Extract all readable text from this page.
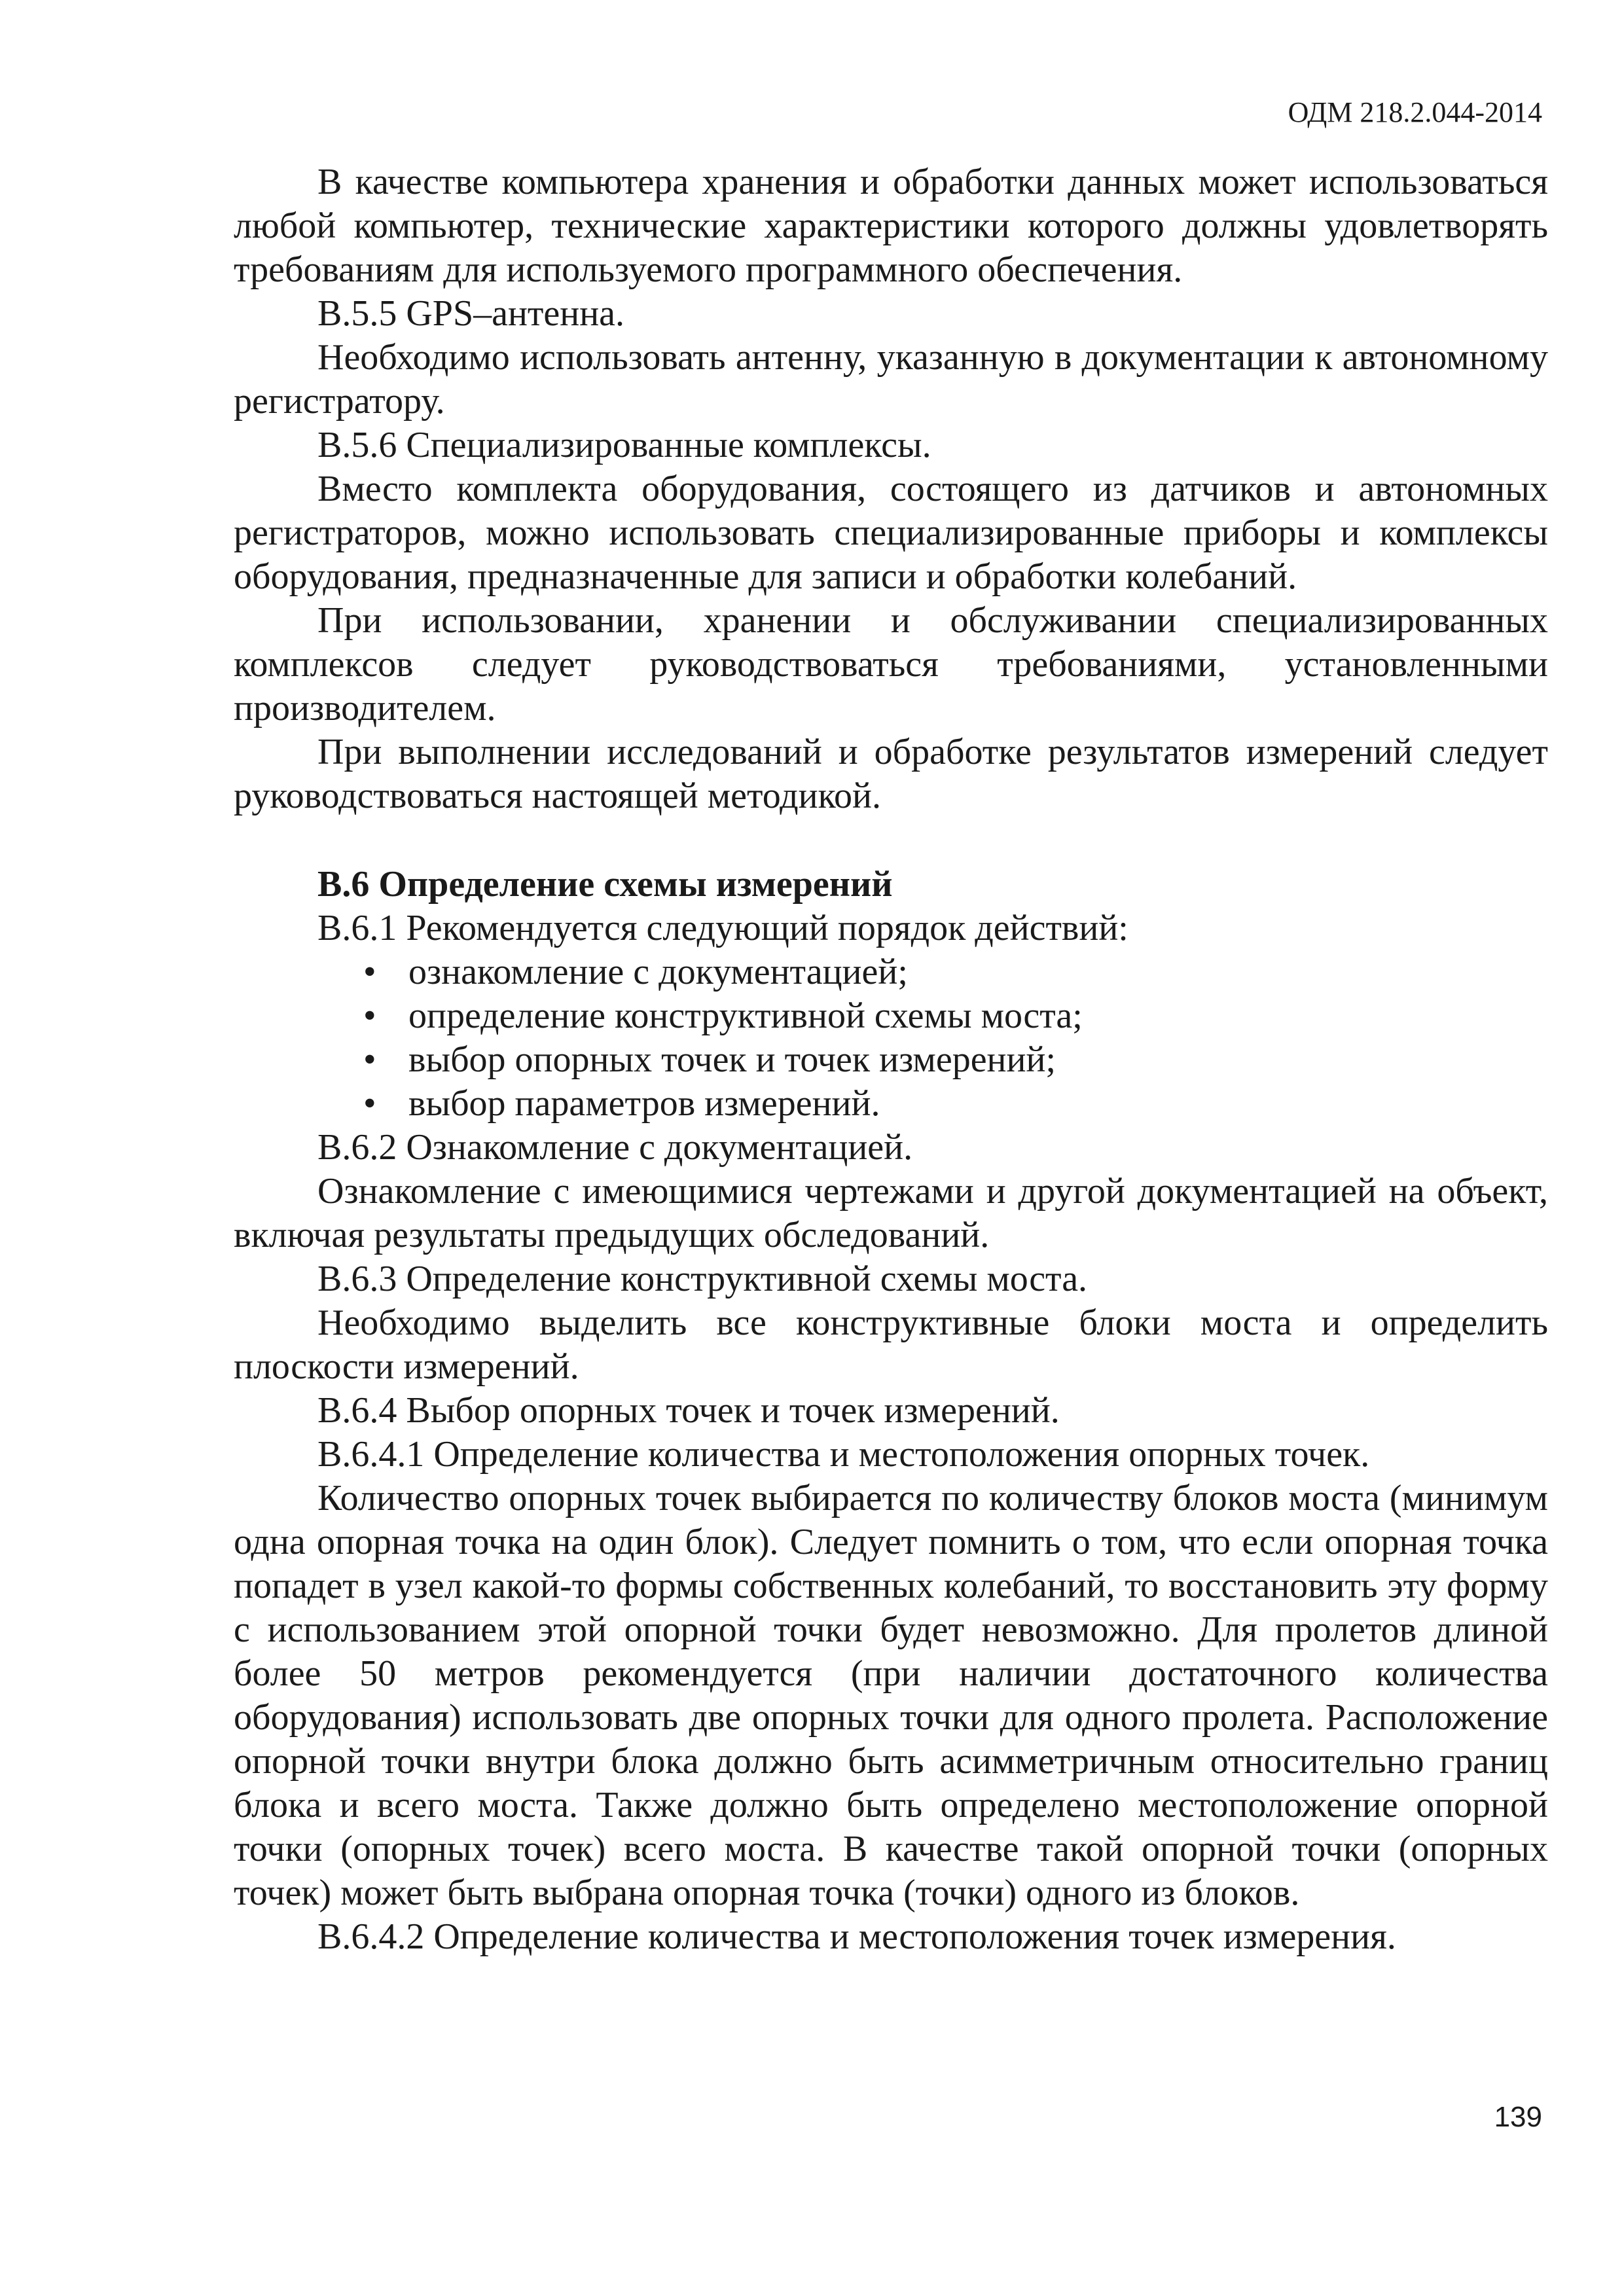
ОДМ 218.2.044-2014

В качестве компьютера хранения и обработки данных может использоваться любой компьютер, технические характеристики которого должны удовлетворять требованиям для используемого программного обеспечения.

В.5.5 GPS–антенна.

Необходимо использовать антенну, указанную в документации к автономному регистратору.

В.5.6 Специализированные комплексы.

Вместо комплекта оборудования, состоящего из датчиков и автономных регистраторов, можно использовать специализированные приборы и комплексы оборудования, предназначенные для записи и обработки колебаний.

При использовании, хранении и обслуживании специализированных комплексов следует руководствоваться требованиями, установленными производителем.

При выполнении исследований и обработке результатов измерений следует руководствоваться настоящей методикой.

В.6 Определение схемы измерений

В.6.1 Рекомендуется следующий порядок действий:

• ознакомление с документацией;
• определение конструктивной схемы моста;
• выбор опорных точек и точек измерений;
• выбор параметров измерений.

В.6.2 Ознакомление с документацией.

Ознакомление с имеющимися чертежами и другой документацией на объект, включая результаты предыдущих обследований.

В.6.3 Определение конструктивной схемы моста.

Необходимо выделить все конструктивные блоки моста и определить плоскости измерений.

В.6.4 Выбор опорных точек и точек измерений.

В.6.4.1 Определение количества и местоположения опорных точек.

Количество опорных точек выбирается по количеству блоков моста (минимум одна опорная точка на один блок). Следует помнить о том, что если опорная точка попадет в узел какой-то формы собственных колебаний, то восстановить эту форму с использованием этой опорной точки будет невозможно. Для пролетов длиной более 50 метров рекомендуется (при наличии достаточного количества оборудования) использовать две опорных точки для одного пролета. Расположение опорной точки внутри блока должно быть асимметричным относительно границ блока и всего моста. Также должно быть определено местоположение опорной точки (опорных точек) всего моста. В качестве такой опорной точки (опорных точек) может быть выбрана опорная точка (точки) одного из блоков.

В.6.4.2 Определение количества и местоположения точек измерения.

139
